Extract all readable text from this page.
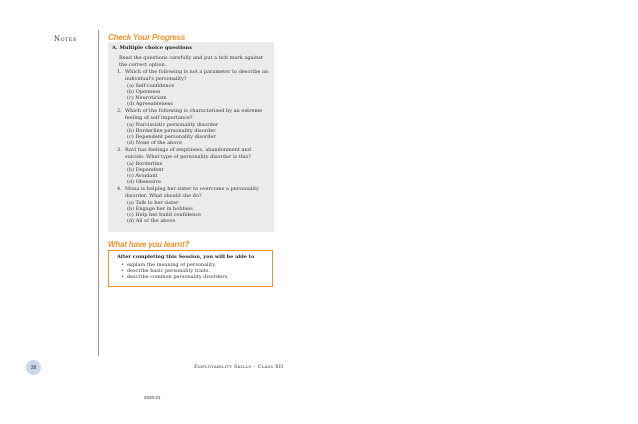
Notes	Check Your Progress
A. Multiple choice questions
Read the questions carefully and put a tick mark against the correct option.
1. Which of the following is not a parameter to describe an individual's personality?
(a) Self-confidence
(b) Openness
(c) Neuroticism
(d) Agreeableness
2. Which of the following is characterised by an extreme feeling of self importance?
(a) Narcissistic personality disorder
(b) Borderline personality disorder
(c) Dependent personality disorder
(d) None of the above
3. Ravi has feelings of emptiness, abandonment and suicide. What type of personality disorder is this?
(a) Borderline
(b) Dependent
(c) Avoidant
(d) Obsessive
4. Mona is helping her sister to overcome a personality disorder. What should she do?
(a) Talk to her sister
(b) Engage her in hobbies
(c) Help her build confidence
(d) All of the above
What have you learnt?
After completing this Session, you will be able to
• explain the meaning of personality.
• describe basic personality traits.
• describe common personality disorders.
38	Employability Skills – Class XII
2020-21
